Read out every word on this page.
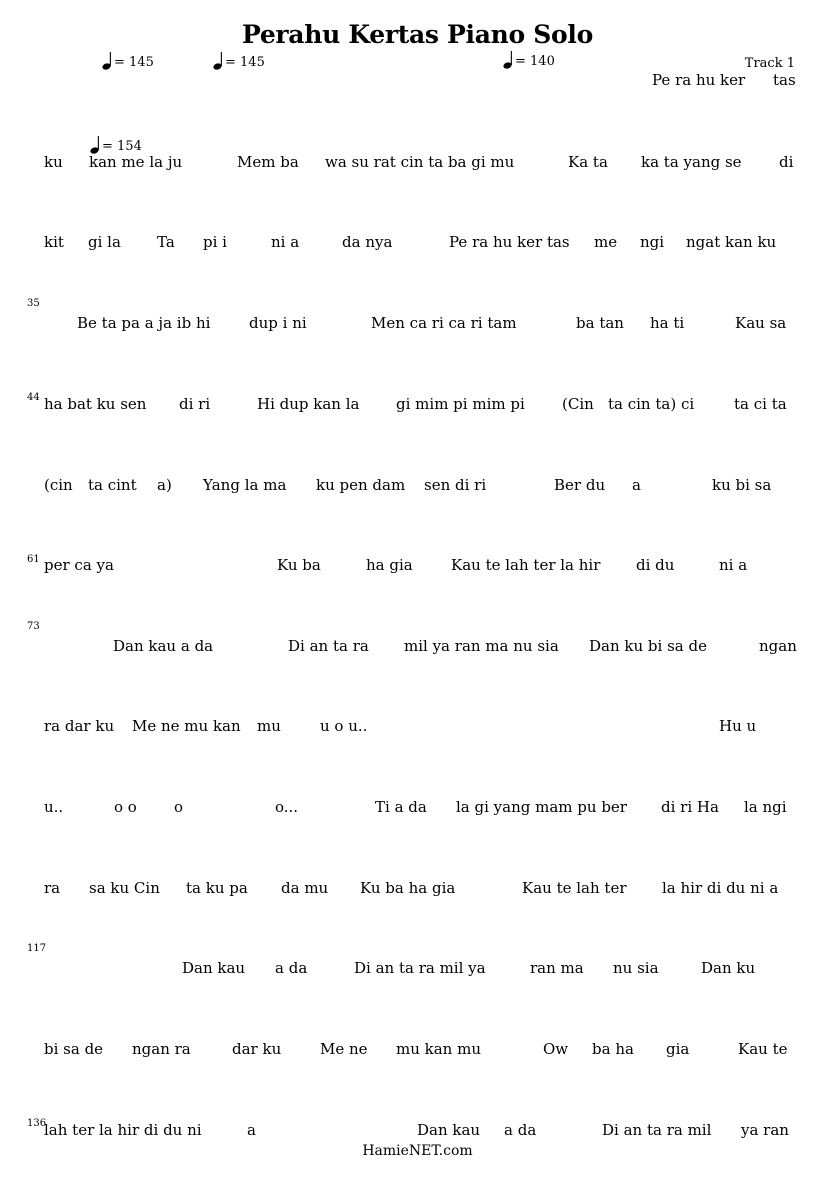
Perahu Kertas Piano Solo
= 145	= 145	= 140
= 154
Track 1
35
44
61
73
117
136
Pe ra hu ker tas
ku kan me la ju	Mem ba wa su rat cin ta ba gi mu	Ka ta ka ta yang se di
kit gi la Ta pi i	ni a	da nya	Pe ra hu ker tas me ngi ngat kan ku
Be ta pa a ja ib hi	dup i ni	Men ca ri ca ri tam	ba tan ha ti	Kau sa
ha bat ku sen di ri	Hi dup kan la gi mim pi mim pi (Cin ta cin ta) ci	ta ci ta
(cin ta cint a) Yang la ma ku pen dam sen di ri	Ber du a	ku bi sa
per ca ya	Ku ba	ha gia	Kau te lah ter la hir di du	ni a
Dan kau a da	Di an ta ra mil ya ran ma nu sia Dan ku bi sa de	ngan
ra dar ku Me ne mu kan mu	u o u..	Hu u
u..	o o o	o...	Ti a da la gi yang mam pu ber di ri Ha la ngi
ra sa ku Cin ta ku pa da mu Ku ba ha gia	Kau te lah ter la hir di du ni a
Dan kau a da	Di an ta ra mil ya	ran ma nu sia	Dan ku
bi sa de ngan ra	dar ku	Me ne mu kan mu	Ow ba ha gia	Kau te
lah ter la hir di du ni	a	Dan kau a da	Di an ta ra mil ya ran
HamieNET.com
